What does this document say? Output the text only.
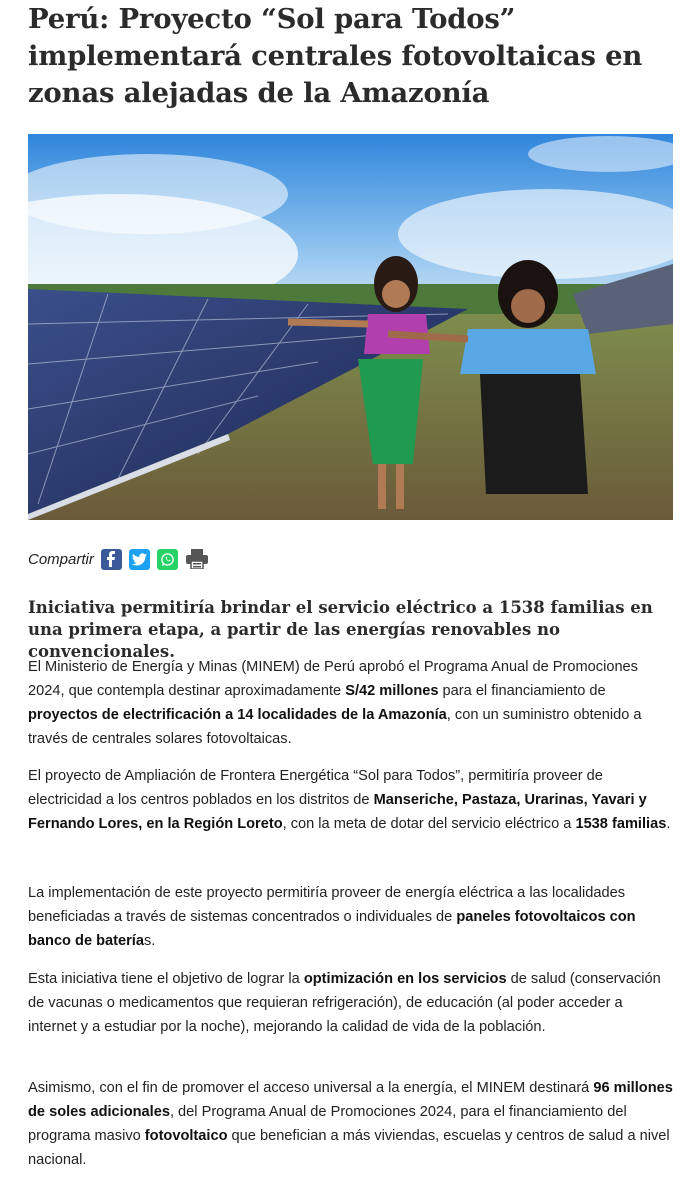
Perú: Proyecto “Sol para Todos” implementará centrales fotovoltaicas en zonas alejadas de la Amazonía
Compartir

Iniciativa permitiría brindar el servicio eléctrico a 1538 familias en una primera etapa, a partir de las energías renovables no convencionales.

El Ministerio de Energía y Minas (MINEM) de Perú aprobó el Programa Anual de Promociones 2024, que contempla destinar aproximadamente S/42 millones para el financiamiento de proyectos de electrificación a 14 localidades de la Amazonía, con un suministro obtenido a través de centrales solares fotovoltaicas.

El proyecto de Ampliación de Frontera Energética “Sol para Todos”, permitiría proveer de electricidad a los centros poblados en los distritos de Manseriche, Pastaza, Urarinas, Yavari y Fernando Lores, en la Región Loreto, con la meta de dotar del servicio eléctrico a 1538 familias.

La implementación de este proyecto permitiría proveer de energía eléctrica a las localidades beneficiadas a través de sistemas concentrados o individuales de paneles fotovoltaicos con banco de baterías.

Esta iniciativa tiene el objetivo de lograr la optimización en los servicios de salud (conservación de vacunas o medicamentos que requieran refrigeración), de educación (al poder acceder a internet y a estudiar por la noche), mejorando la calidad de vida de la población.

Asimismo, con el fin de promover el acceso universal a la energía, el MINEM destinará 96 millones de soles adicionales, del Programa Anual de Promociones 2024, para el financiamiento del programa masivo fotovoltaico que benefician a más viviendas, escuelas y centros de salud a nivel nacional.
